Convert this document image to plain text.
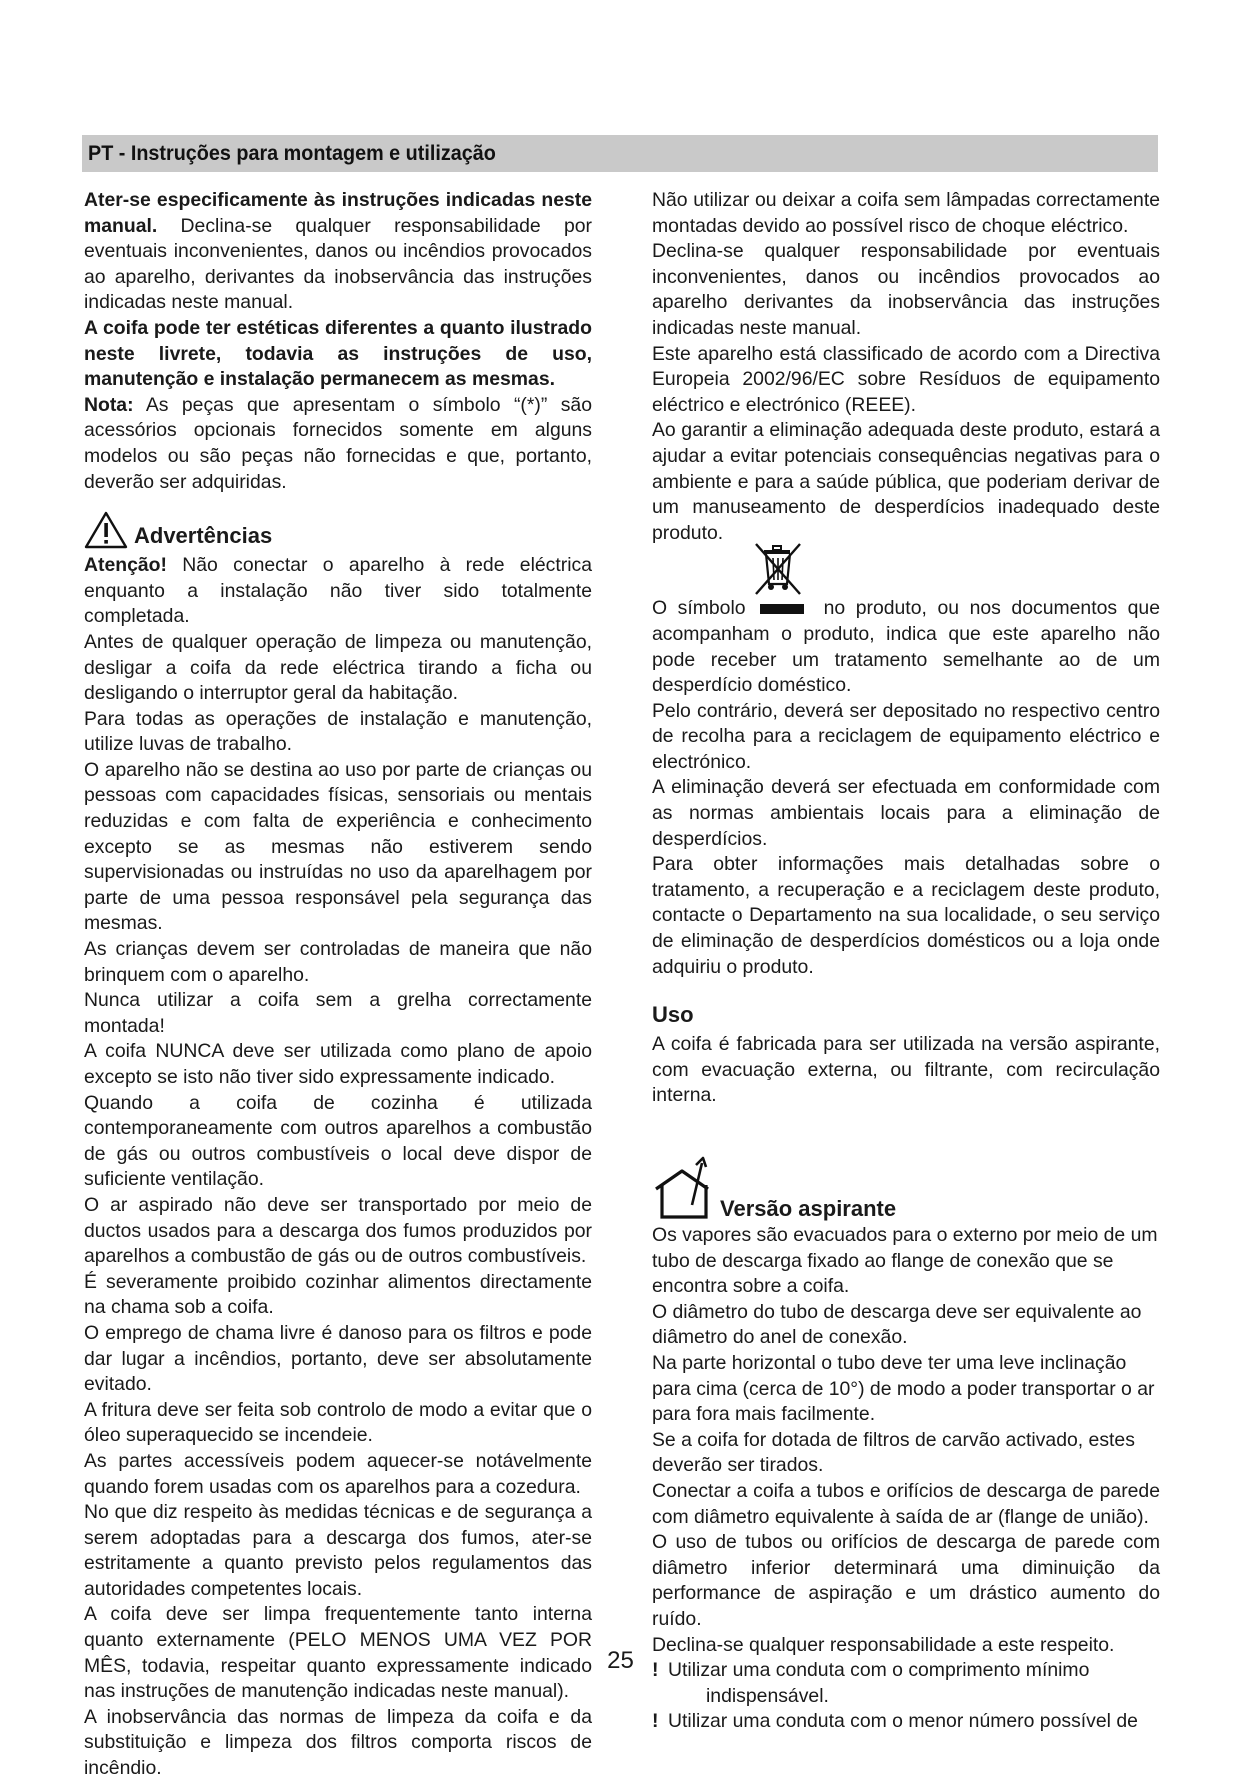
PT - Instruções para montagem e utilização

Ater-se especificamente às instruções indicadas neste manual. Declina-se qualquer responsabilidade por eventuais inconvenientes, danos ou incêndios provocados ao aparelho, derivantes da inobservância das instruções indicadas neste manual.

A coifa pode ter estéticas diferentes a quanto ilustrado neste livrete, todavia as instruções de uso, manutenção e instalação permanecem as mesmas.

Nota: As peças que apresentam o símbolo “(*)” são acessórios opcionais fornecidos somente em alguns modelos ou são peças não fornecidas e que, portanto, deverão ser adquiridas.

Advertências

Atenção! Não conectar o aparelho à rede eléctrica enquanto a instalação não tiver sido totalmente completada.

Antes de qualquer operação de limpeza ou manutenção, desligar a coifa da rede eléctrica tirando a ficha ou desligando o interruptor geral da habitação.

Para todas as operações de instalação e manutenção, utilize luvas de trabalho.

O aparelho não se destina ao uso por parte de crianças ou pessoas com capacidades físicas, sensoriais ou mentais reduzidas e com falta de experiência e conhecimento excepto se as mesmas não estiverem sendo supervisionadas ou instruídas no uso da aparelhagem por parte de uma pessoa responsável pela segurança das mesmas.

As crianças devem ser controladas de maneira que não brinquem com o aparelho.

Nunca utilizar a coifa sem a grelha correctamente montada!

A coifa NUNCA deve ser utilizada como plano de apoio excepto se isto não tiver sido expressamente indicado.

Quando a coifa de cozinha é utilizada contemporaneamente com outros aparelhos a combustão de gás ou outros combustíveis o local deve dispor de suficiente ventilação.

O ar aspirado não deve ser transportado por meio de ductos usados para a descarga dos fumos produzidos por aparelhos a combustão de gás ou de outros combustíveis.

É severamente proibido cozinhar alimentos directamente na chama sob a coifa.

O emprego de chama livre é danoso para os filtros e pode dar lugar a incêndios, portanto, deve ser absolutamente evitado.

A fritura deve ser feita sob controlo de modo a evitar que o óleo superaquecido se incendeie.

As partes accessíveis podem aquecer-se notávelmente quando forem usadas com os aparelhos para a cozedura.

No que diz respeito às medidas técnicas e de segurança a serem adoptadas para a descarga dos fumos, ater-se estritamente a quanto previsto pelos regulamentos das autoridades competentes locais.

A coifa deve ser limpa frequentemente tanto interna quanto externamente (PELO MENOS UMA VEZ POR MÊS, todavia, respeitar quanto expressamente indicado nas instruções de manutenção indicadas neste manual).

A inobservância das normas de limpeza da coifa e da substituição e limpeza dos filtros comporta riscos de incêndio.

Não utilizar ou deixar a coifa sem lâmpadas correctamente montadas devido ao possível risco de choque eléctrico.

Declina-se qualquer responsabilidade por eventuais inconvenientes, danos ou incêndios provocados ao aparelho derivantes da inobservância das instruções indicadas neste manual.

Este aparelho está classificado de acordo com a Directiva Europeia 2002/96/EC sobre Resíduos de equipamento eléctrico e electrónico (REEE).

Ao garantir a eliminação adequada deste produto, estará a ajudar a evitar potenciais consequências negativas para o ambiente e para a saúde pública, que poderiam derivar de um manuseamento de desperdícios inadequado deste produto.

O símbolo	no produto, ou nos documentos que acompanham o produto, indica que este aparelho não pode receber um tratamento semelhante ao de um desperdício doméstico.

Pelo contrário, deverá ser depositado no respectivo centro de recolha para a reciclagem de equipamento eléctrico e electrónico.

A eliminação deverá ser efectuada em conformidade com as normas ambientais locais para a eliminação de desperdícios.

Para obter informações mais detalhadas sobre o tratamento, a recuperação e a reciclagem deste produto, contacte o Departamento na sua localidade, o seu serviço de eliminação de desperdícios domésticos ou a loja onde adquiriu o produto.

Uso

A coifa é fabricada para ser utilizada na versão aspirante, com evacuação externa, ou filtrante, com recirculação interna.

Versão aspirante

Os vapores são evacuados para o externo por meio de um tubo de descarga fixado ao flange de conexão que se encontra sobre a coifa.

O diâmetro do tubo de descarga deve ser equivalente ao diâmetro do anel de conexão.

Na parte horizontal o tubo deve ter uma leve inclinação para cima (cerca de 10°) de modo a poder transportar o ar para fora mais facilmente.

Se a coifa for dotada de filtros de carvão activado, estes deverão ser tirados.

Conectar a coifa a tubos e orifícios de descarga de parede com diâmetro equivalente à saída de ar (flange de união).

O uso de tubos ou orifícios de descarga de parede com diâmetro inferior determinará uma diminuição da performance de aspiração e um drástico aumento do ruído.

Declina-se qualquer responsabilidade a este respeito.

! Utilizar uma conduta com o comprimento mínimo
indispensável.
! Utilizar uma conduta com o menor número possível de
25
